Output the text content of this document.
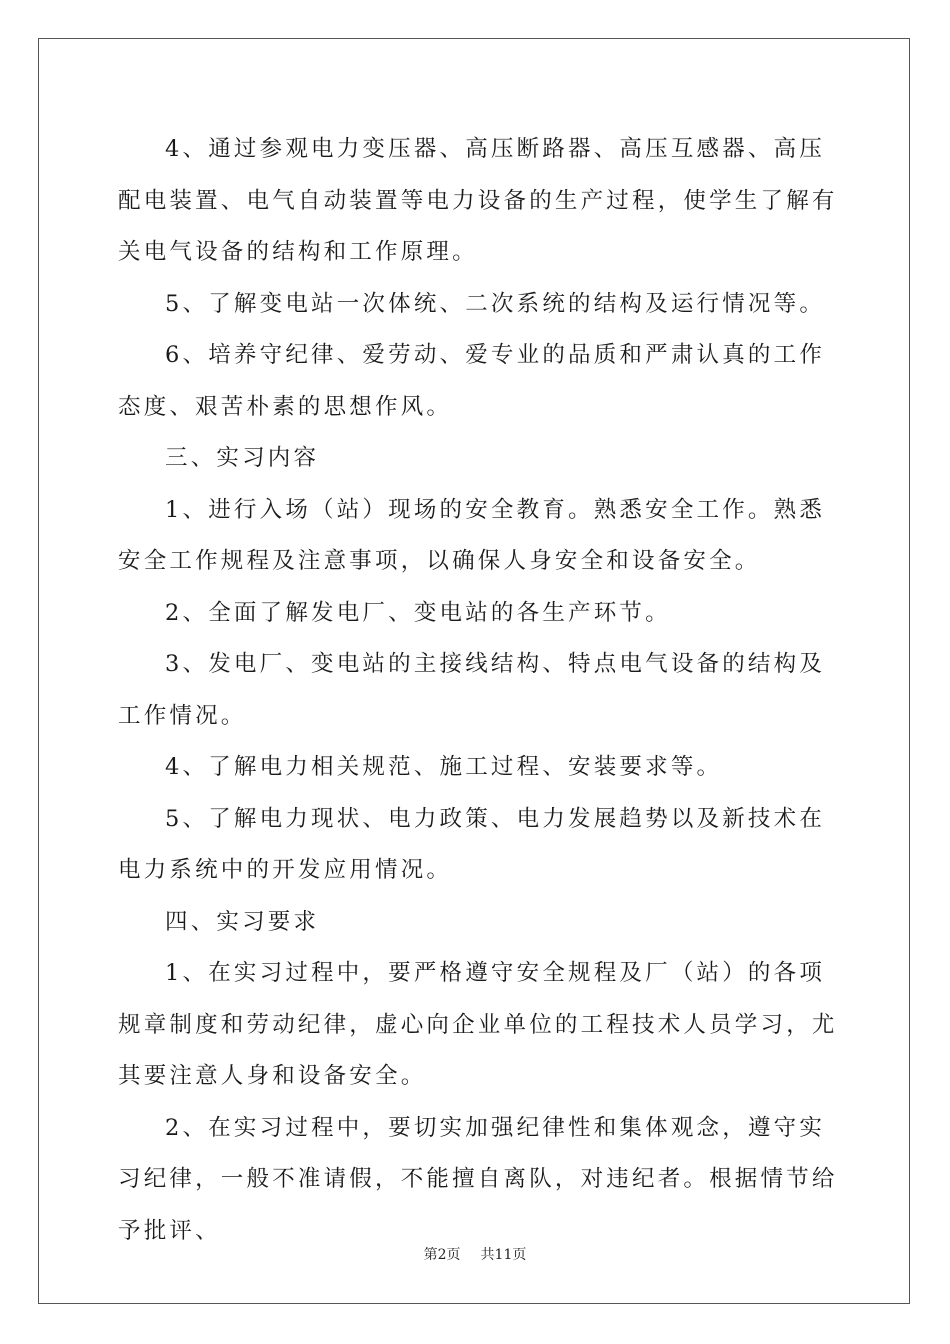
4、通过参观电力变压器、高压断路器、高压互感器、高压配电装置、电气自动装置等电力设备的生产过程，使学生了解有关电气设备的结构和工作原理。

5、了解变电站一次体统、二次系统的结构及运行情况等。

6、培养守纪律、爱劳动、爱专业的品质和严肃认真的工作态度、艰苦朴素的思想作风。

三、实习内容

1、进行入场（站）现场的安全教育。熟悉安全工作。熟悉安全工作规程及注意事项，以确保人身安全和设备安全。

2、全面了解发电厂、变电站的各生产环节。

3、发电厂、变电站的主接线结构、特点电气设备的结构及工作情况。

4、了解电力相关规范、施工过程、安装要求等。

5、了解电力现状、电力政策、电力发展趋势以及新技术在电力系统中的开发应用情况。

四、实习要求

1、在实习过程中，要严格遵守安全规程及厂（站）的各项规章制度和劳动纪律，虚心向企业单位的工程技术人员学习，尤其要注意人身和设备安全。

2、在实习过程中，要切实加强纪律性和集体观念，遵守实习纪律，一般不准请假，不能擅自离队，对违纪者。根据情节给予批评、

第2页 共11页
